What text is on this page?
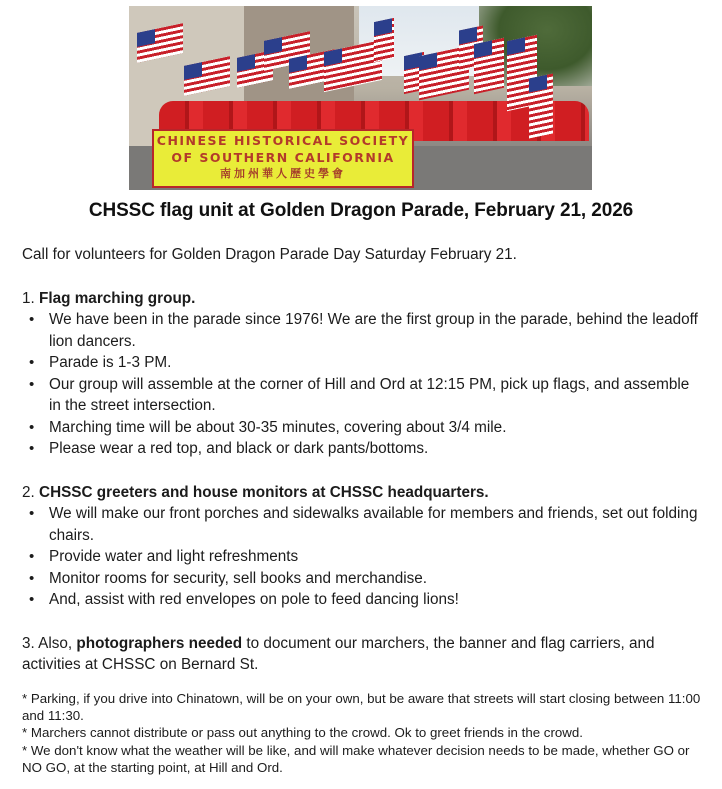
CHINESE HISTORICAL SOCIETY
OF SOUTHERN CALIFORNIA
南加州華人歷史學會
CHSSC flag unit at Golden Dragon Parade, February 21, 2026

Call for volunteers for Golden Dragon Parade Day Saturday February 21.

1. Flag marching group.
• We have been in the parade since 1976! We are the first group in the parade, behind the leadoff lion dancers.
• Parade is 1-3 PM.
• Our group will assemble at the corner of Hill and Ord at 12:15 PM, pick up flags, and assemble in the street intersection.
• Marching time will be about 30-35 minutes, covering about 3/4 mile.
• Please wear a red top, and black or dark pants/bottoms.
2. CHSSC greeters and house monitors at CHSSC headquarters.
• We will make our front porches and sidewalks available for members and friends, set out folding chairs.
• Provide water and light refreshments
• Monitor rooms for security, sell books and merchandise.
• And, assist with red envelopes on pole to feed dancing lions!

3. Also, photographers needed to document our marchers, the banner and flag carriers, and activities at CHSSC on Bernard St.

* Parking, if you drive into Chinatown, will be on your own, but be aware that streets will start closing between 11:00 and 11:30.

* Marchers cannot distribute or pass out anything to the crowd. Ok to greet friends in the crowd.

* We don't know what the weather will be like, and will make whatever decision needs to be made, whether GO or NO GO, at the starting point, at Hill and Ord.
